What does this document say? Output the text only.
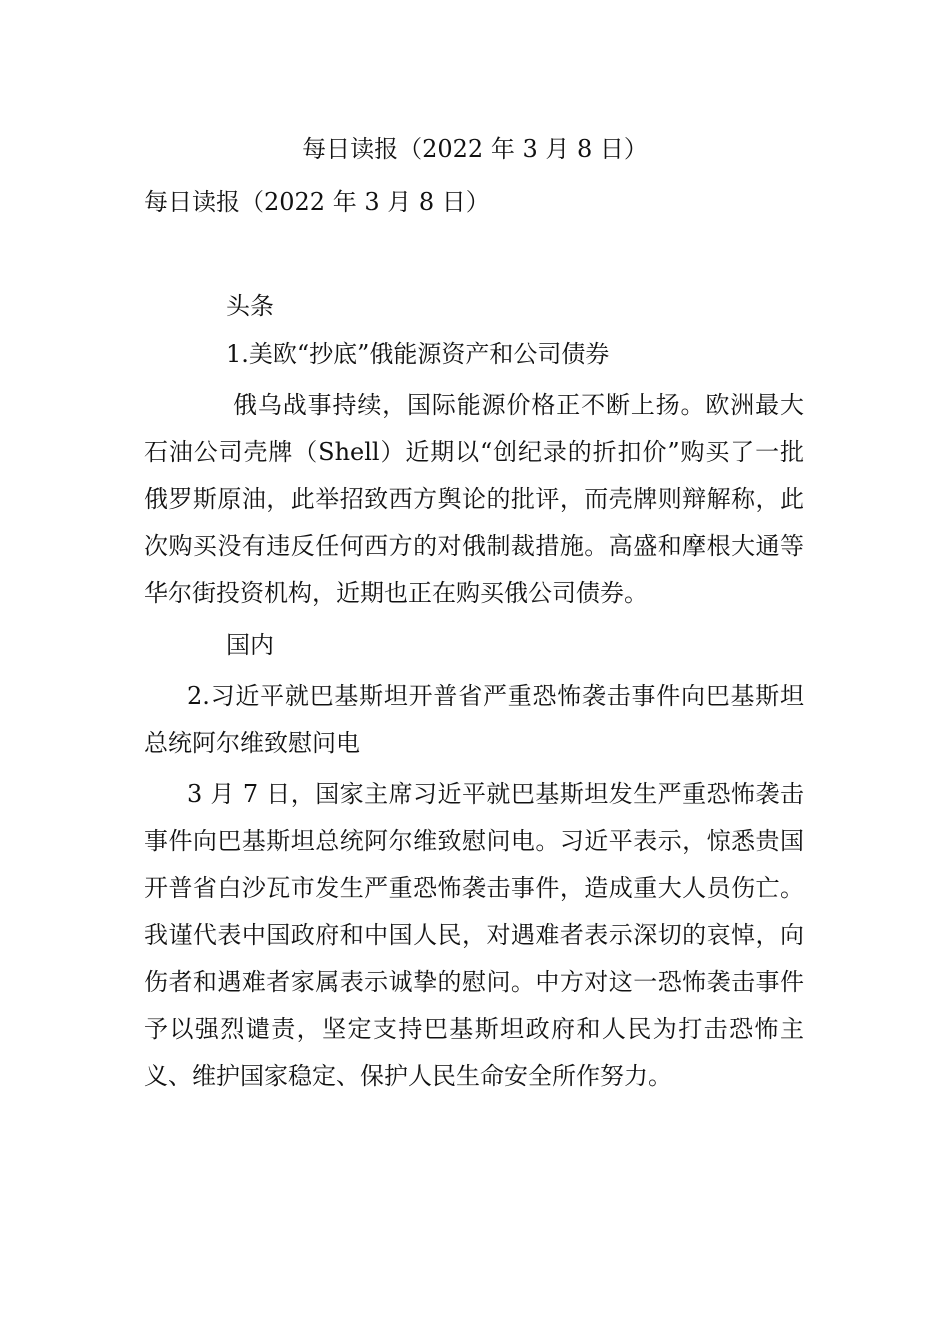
每日读报（2022 年 3 月 8 日）

每日读报（2022 年 3 月 8 日）

头条

1.美欧“抄底”俄能源资产和公司债券

俄乌战事持续，国际能源价格正不断上扬。欧洲最大石油公司壳牌（Shell）近期以“创纪录的折扣价”购买了一批俄罗斯原油，此举招致西方舆论的批评，而壳牌则辩解称，此次购买没有违反任何西方的对俄制裁措施。高盛和摩根大通等华尔街投资机构，近期也正在购买俄公司债券。

国内

2.习近平就巴基斯坦开普省严重恐怖袭击事件向巴基斯坦总统阿尔维致慰问电

3 月 7 日，国家主席习近平就巴基斯坦发生严重恐怖袭击事件向巴基斯坦总统阿尔维致慰问电。习近平表示，惊悉贵国开普省白沙瓦市发生严重恐怖袭击事件，造成重大人员伤亡。我谨代表中国政府和中国人民，对遇难者表示深切的哀悼，向伤者和遇难者家属表示诚挚的慰问。中方对这一恐怖袭击事件予以强烈谴责，坚定支持巴基斯坦政府和人民为打击恐怖主义、维护国家稳定、保护人民生命安全所作努力。
